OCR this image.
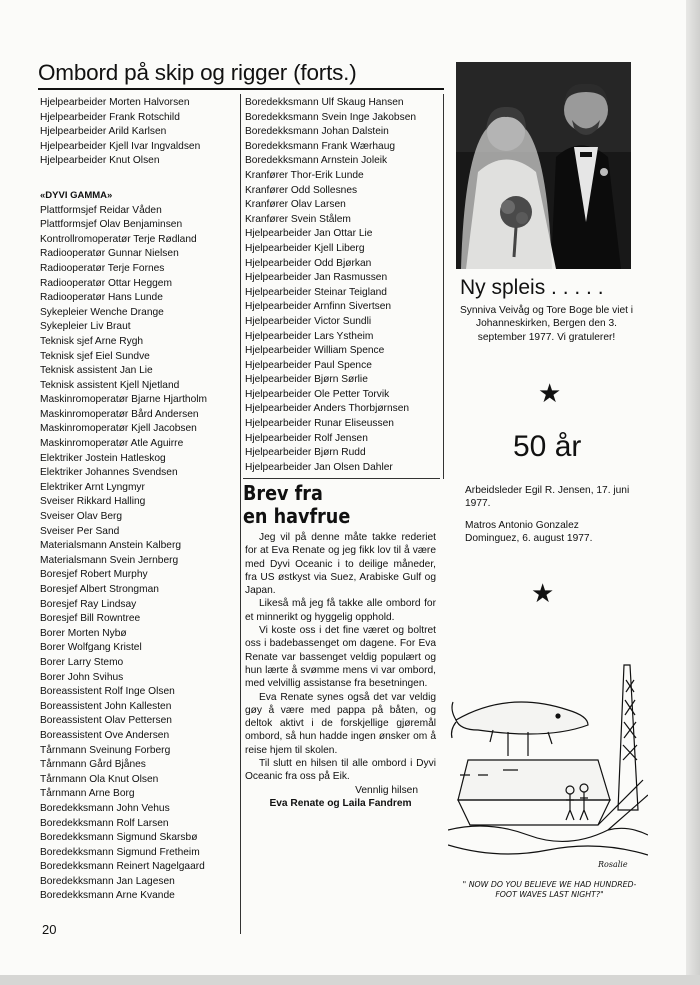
Ombord på skip og rigger (forts.)
Hjelpearbeider Morten Halvorsen
Hjelpearbeider Frank Rotschild
Hjelpearbeider Arild Karlsen
Hjelpearbeider Kjell Ivar Ingvaldsen
Hjelpearbeider Knut Olsen
«DYVI GAMMA»
Plattformsjef Reidar Våden
Plattformsjef Olav Benjaminsen
Kontrollromoperatør Terje Rødland
Radiooperatør Gunnar Nielsen
Radiooperatør Terje Fornes
Radiooperatør Ottar Heggem
Radiooperatør Hans Lunde
Sykepleier Wenche Drange
Sykepleier Liv Braut
Teknisk sjef Arne Rygh
Teknisk sjef Eiel Sundve
Teknisk assistent Jan Lie
Teknisk assistent Kjell Njetland
Maskinromoperatør Bjarne Hjartholm
Maskinromoperatør Bård Andersen
Maskinromoperatør Kjell Jacobsen
Maskinromoperatør Atle Aguirre
Elektriker Jostein Hatleskog
Elektriker Johannes Svendsen
Elektriker Arnt Lyngmyr
Sveiser Rikkard Halling
Sveiser Olav Berg
Sveiser Per Sand
Materialsmann Anstein Kalberg
Materialsmann Svein Jernberg
Boresjef Robert Murphy
Boresjef Albert Strongman
Boresjef Ray Lindsay
Boresjef Bill Rowntree
Borer Morten Nybø
Borer Wolfgang Kristel
Borer Larry Stemo
Borer John Svihus
Boreassistent Rolf Inge Olsen
Boreassistent John Kallesten
Boreassistent Olav Pettersen
Boreassistent Ove Andersen
Tårnmann Sveinung Forberg
Tårnmann Gård Bjånes
Tårnmann Ola Knut Olsen
Tårnmann Arne Borg
Boredekksmann John Vehus
Boredekksmann Rolf Larsen
Boredekksmann Sigmund Skarsbø
Boredekksmann Sigmund Fretheim
Boredekksmann Reinert Nagelgaard
Boredekksmann Jan Lagesen
Boredekksmann Arne Kvande
Boredekksmann Ulf Skaug Hansen
Boredekksmann Svein Inge Jakobsen
Boredekksmann Johan Dalstein
Boredekksmann Frank Wærhaug
Boredekksmann Arnstein Joleik
Kranfører Thor-Erik Lunde
Kranfører Odd Sollesnes
Kranfører Olav Larsen
Kranfører Svein Stålem
Hjelpearbeider Jan Ottar Lie
Hjelpearbeider Kjell Liberg
Hjelpearbeider Odd Bjørkan
Hjelpearbeider Jan Rasmussen
Hjelpearbeider Steinar Teigland
Hjelpearbeider Arnfinn Sivertsen
Hjelpearbeider Victor Sundli
Hjelpearbeider Lars Ystheim
Hjelpearbeider William Spence
Hjelpearbeider Paul Spence
Hjelpearbeider Bjørn Sørlie
Hjelpearbeider Ole Petter Torvik
Hjelpearbeider Anders Thorbjørnsen
Hjelpearbeider Runar Eliseussen
Hjelpearbeider Rolf Jensen
Hjelpearbeider Bjørn Rudd
Hjelpearbeider Jan Olsen Dahler
Brev fra
en havfrue

Jeg vil på denne måte takke rederiet for at Eva Renate og jeg fikk lov til å være med Dyvi Oceanic i to deilige måneder, fra US østkyst via Suez, Arabiske Gulf og Japan.

Likeså må jeg få takke alle ombord for et minnerikt og hyggelig opphold.

Vi koste oss i det fine været og boltret oss i badebassenget om dagene. For Eva Renate var bassenget veldig populært og hun lærte å svømme mens vi var ombord, med velvillig assistanse fra besetningen.

Eva Renate synes også det var veldig gøy å være med pappa på båten, og deltok aktivt i de forskjellige gjøremål ombord, så hun hadde ingen ønsker om å reise hjem til skolen.

Til slutt en hilsen til alle ombord i Dyvi Oceanic fra oss på Eik.

Vennlig hilsen

Eva Renate og Laila Fandrem

Ny spleis . . . . .
Synniva Veivåg og Tore Boge ble viet i Johanneskirken, Bergen den 3. september 1977. Vi gratulerer!
★
50 år

Arbeidsleder Egil R. Jensen, 17. juni 1977.

Matros Antonio Gonzalez Dominguez, 6. august 1977.

★
Rosalie
" NOW DO YOU BELIEVE WE HAD HUNDRED-FOOT WAVES LAST NIGHT?"
20
